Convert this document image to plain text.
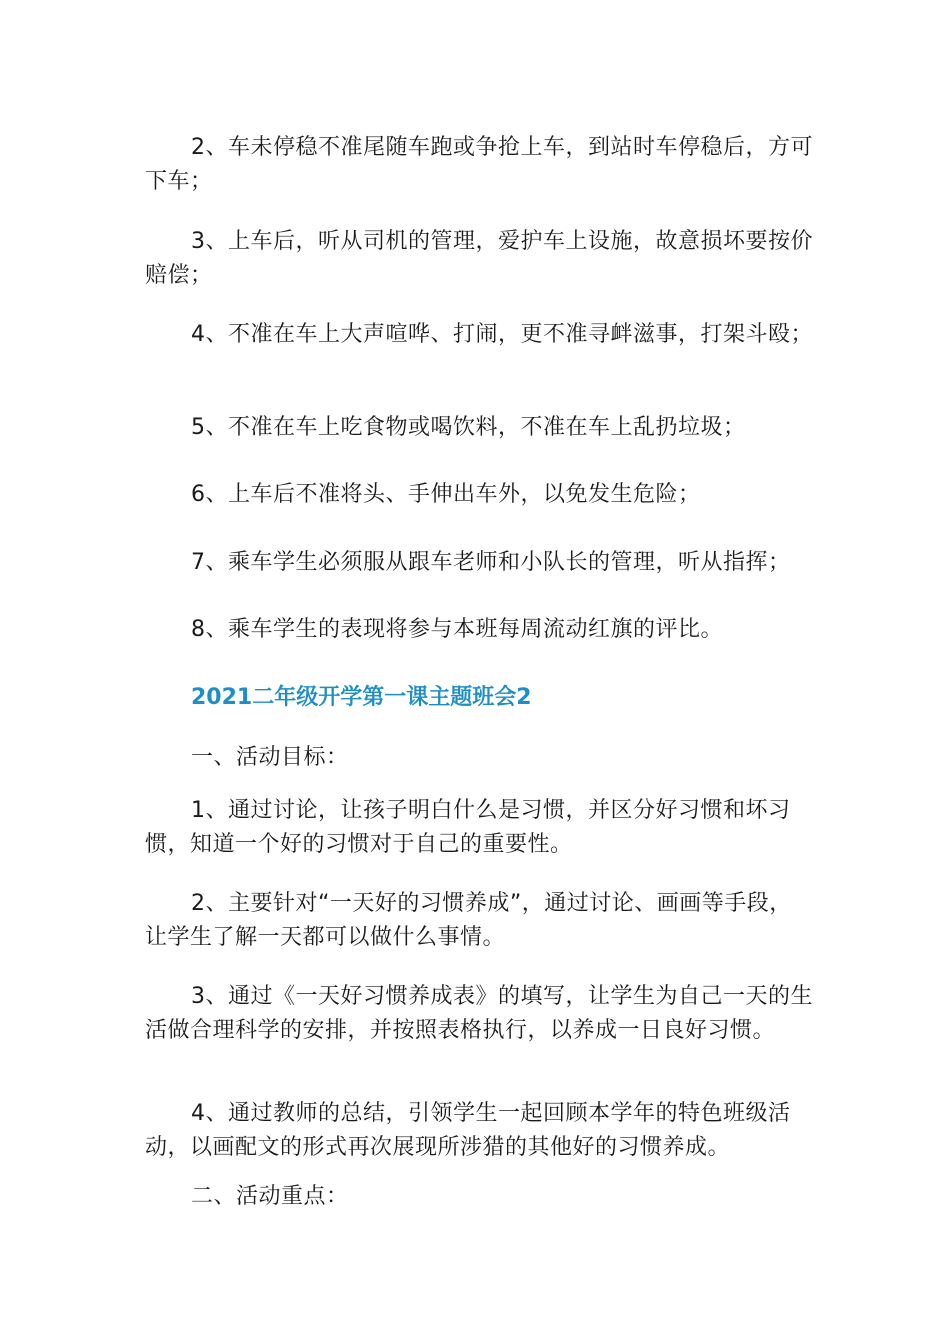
2、车未停稳不准尾随车跑或争抢上车，到站时车停稳后，方可下车；

3、上车后，听从司机的管理，爱护车上设施，故意损坏要按价赔偿；

4、不准在车上大声喧哗、打闹，更不准寻衅滋事，打架斗殴；

5、不准在车上吃食物或喝饮料，不准在车上乱扔垃圾；

6、上车后不准将头、手伸出车外，以免发生危险；

7、乘车学生必须服从跟车老师和小队长的管理，听从指挥；

8、乘车学生的表现将参与本班每周流动红旗的评比。

2021二年级开学第一课主题班会2

一、活动目标：

1、通过讨论，让孩子明白什么是习惯，并区分好习惯和坏习惯，知道一个好的习惯对于自己的重要性。

2、主要针对“一天好的习惯养成”，通过讨论、画画等手段，让学生了解一天都可以做什么事情。

3、通过《一天好习惯养成表》的填写，让学生为自己一天的生活做合理科学的安排，并按照表格执行，以养成一日良好习惯。

4、通过教师的总结，引领学生一起回顾本学年的特色班级活动，以画配文的形式再次展现所涉猎的其他好的习惯养成。

二、活动重点：
